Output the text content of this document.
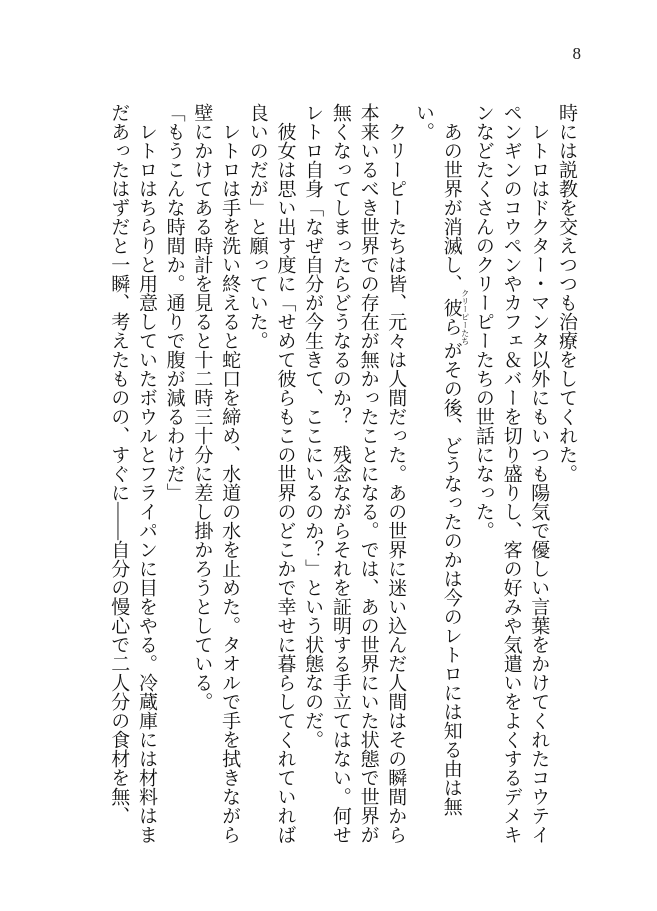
8

時には説教を交えつつも治療をしてくれた。

レトロはドクター・マンタ以外にもいつも陽気で優しい言葉をかけてくれたコウテイペンギンのコウペンやカフェ＆バーを切り盛りし、客の好みや気遣いをよくするデメキンなどたくさんのクリーピーたちの世話になった。

あの世界が消滅し、彼ら クリーピーたちがその後、どうなったのかは今のレトロには知る由は無い。

クリーピーたちは皆、元々は人間だった。あの世界に迷い込んだ人間はその瞬間から本来いるべき世界での存在が無かったことになる。では、あの世界にいた状態で世界が無くなってしまったらどうなるのか？　残念ながらそれを証明する手立てはない。何せレトロ自身「なぜ自分が今生きて、ここにいるのか？」という状態なのだ。

彼女は思い出す度に「せめて彼らもこの世界のどこかで幸せに暮らしてくれていれば良いのだが」と願っていた。

レトロは手を洗い終えると蛇口を締め、水道の水を止めた。タオルで手を拭きながら壁にかけてある時計を見ると十二時三十分に差し掛かろうとしている。

「もうこんな時間か。通りで腹が減るわけだ」

レトロはちらりと用意していたボウルとフライパンに目をやる。冷蔵庫には材料はまだあったはずだと一瞬、考えたものの、すぐに――自分の慢心で二人分の食材を無、
